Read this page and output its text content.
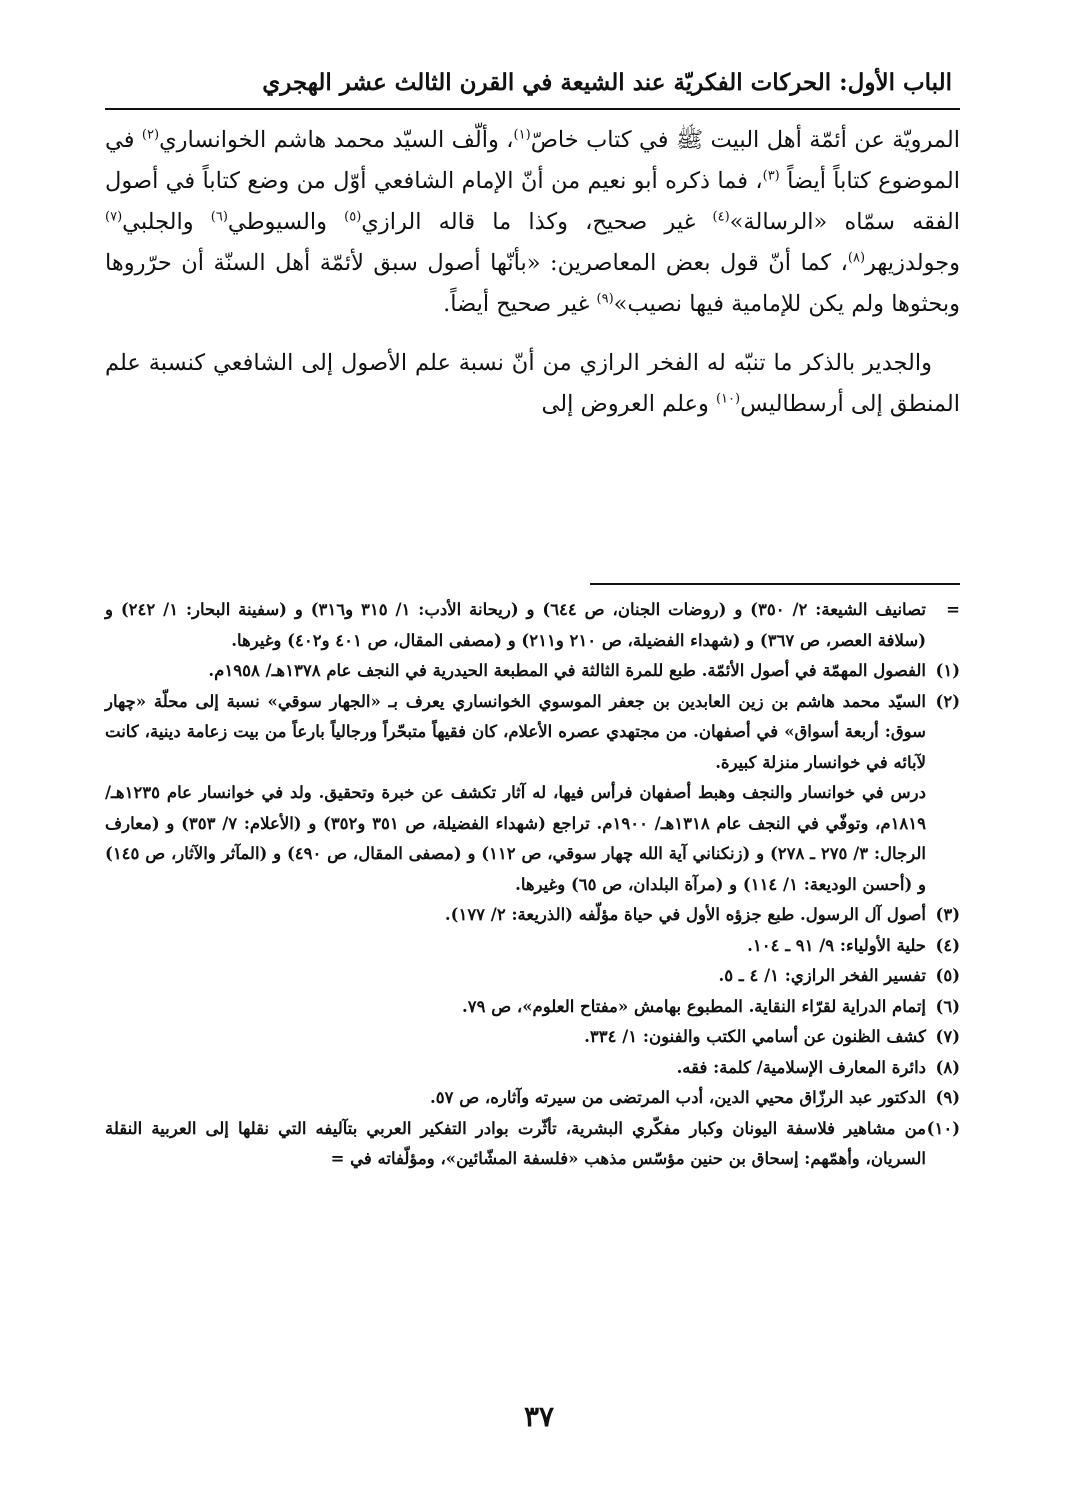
الباب الأول: الحركات الفكريّة عند الشيعة في القرن الثالث عشر الهجري

المرويّة عن أئمّة أهل البيت ﷺ في كتاب خاصّ$^{(١)}$، وألّف السيّد محمد هاشم الخوانساري$^{(٢)}$ في الموضوع كتاباً أيضاً $^{(٣)}$، فما ذكره أبو نعيم من أنّ الإمام الشافعي أوّل من وضع كتاباً في أصول الفقه سمّاه «الرسالة»$^{(٤)}$ غير صحيح، وكذا ما قاله الرازي$^{(٥)}$ والسيوطي$^{(٦)}$ والجلبي$^{(٧)}$ وجولدزيهر$^{(٨)}$، كما أنّ قول بعض المعاصرين: «بأنّها أصول سبق لأئمّة أهل السنّة أن حرّروها وبحثوها ولم يكن للإمامية فيها نصيب»$^{(٩)}$ غير صحيح أيضاً.

والجدير بالذكر ما تنبّه له الفخر الرازي من أنّ نسبة علم الأصول إلى الشافعي كنسبة علم المنطق إلى أرسطاليس$^{(١٠)}$ وعلم العروض إلى

=

تصانيف الشيعة: ٢/ ٣٥٠) و (روضات الجنان، ص ٦٤٤) و (ريحانة الأدب: ١/ ٣١٥ و٣١٦) و (سفينة البحار: ١/ ٢٤٢) و (سلافة العصر، ص ٣٦٧) و (شهداء الفضيلة، ص ٢١٠ و٢١١) و (مصفى المقال، ص ٤٠١ و٤٠٢) وغيرها.

(١)

الفصول المهمّة في أصول الأئمّة. طبع للمرة الثالثة في المطبعة الحيدرية في النجف عام ١٣٧٨هـ/ ١٩٥٨م.

(٢)

السيّد محمد هاشم بن زين العابدين بن جعفر الموسوي الخوانساري يعرف بـ «الجهار سوقي» نسبة إلى محلّة «چهار سوق: أربعة أسواق» في أصفهان. من مجتهدي عصره الأعلام، كان فقيهاً متبحّراً ورجالياً بارعاً من بيت زعامة دينية، كانت لآبائه في خوانسار منزلة كبيرة.

درس في خوانسار والنجف وهبط أصفهان فرأس فيها، له آثار تكشف عن خبرة وتحقيق. ولد في خوانسار عام ١٢٣٥هـ/ ١٨١٩م، وتوفّي في النجف عام ١٣١٨هـ/ ١٩٠٠م. تراجع (شهداء الفضيلة، ص ٣٥١ و٣٥٢) و (الأعلام: ٧/ ٣٥٣) و (معارف الرجال: ٣/ ٢٧٥ ـ ٢٧٨) و (زنكناني آية الله چهار سوقي، ص ١١٢) و (مصفى المقال، ص ٤٩٠) و (المآثر والآثار، ص ١٤٥) و (أحسن الوديعة: ١/ ١١٤) و (مرآة البلدان، ص ٦٥) وغيرها.

(٣)

أصول آل الرسول. طبع جزؤه الأول في حياة مؤلّفه (الذريعة: ٢/ ١٧٧).

(٤)

حلية الأولياء: ٩/ ٩١ ـ ١٠٤.

(٥)

تفسير الفخر الرازي: ١/ ٤ ـ ٥.

(٦)

إتمام الدراية لقرّاء النقاية. المطبوع بهامش «مفتاح العلوم»، ص ٧٩.

(٧)

كشف الظنون عن أسامي الكتب والفنون: ١/ ٣٣٤.

(٨)

دائرة المعارف الإسلامية/ كلمة: فقه.

(٩)

الدكتور عبد الرزّاق محيي الدين، أدب المرتضى من سيرته وآثاره، ص ٥٧.

(١٠)

من مشاهير فلاسفة اليونان وكبار مفكّري البشرية، تأثّرت بوادر التفكير العربي بتآليفه التي نقلها إلى العربية النقلة السريان، وأهمّهم: إسحاق بن حنين مؤسّس مذهب «فلسفة المشّائين»، ومؤلّفاته في =

٣٧
